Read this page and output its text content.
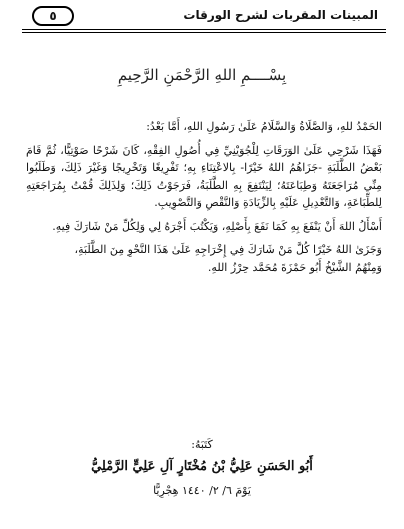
٥	المبينات المقربات لشرح الورقات
بِسْــــمِ اللهِ الرَّحْمَنِ الرَّحِيمِ

الحَمْدُ للهِ، وَالصَّلَاةُ وَالسَّلَامُ عَلَىٰ رَسُولِ اللهِ، أَمَّا بَعْدُ:

فَهَذَا شَرْحِي عَلَىٰ الوَرَقَاتِ لِلْجُوَيْنِيِّ فِي أُصُولِ الفِقْهِ، كَانَ شَرْحًا صَوْتِيًّا، ثُمَّ قَامَ بَعْضُ الطَّلَبَةِ -جَزَاهُمُ اللهُ خَيْرًا- بِالاعْتِنَاءِ بِهِ؛ تَفْرِيغًا وَتَخْرِيجًا وَغَيْرَ ذَلِكَ، وَطَلَبُوا مِنِّي مُرَاجَعَتَهُ وَطِبَاعَتَهُ؛ لِيَنْتَفِعَ بِهِ الطَّلَبَةُ، فَرَجَوْتُ ذَلِكَ؛ وَلِذَلِكَ قُمْتُ بِمُرَاجَعَتِهِ لِلطِّبَاعَةِ، وَالتَّعْدِيلِ عَلَيْهِ بِالزِّيَادَةِ وَالنَّقْصِ وَالتَّصْوِيبِ.

أَسْأَلُ اللهَ أَنْ يَنْفَعَ بِهِ كَمَا نَفَعَ بِأَصْلِهِ، وَيَكْتُبَ أَجْرَهُ لِي وَلِكُلِّ مَنْ شَارَكَ فِيهِ.

وَجَزَىٰ اللهُ خَيْرًا كُلَّ مَنْ شَارَكَ فِي إِخْرَاجِهِ عَلَىٰ هَذَا النَّحْوِ مِنَ الطَّلَبَةِ،

وَمِنْهُمُ الشَّيْخُ أَبُو حَمْزَةَ مُحَمَّد حِرْزُ اللهِ.

كَتَبَهُ:
أَبُو الحَسَنِ عَلِيُّ بْنُ مُخْتَارٍ آلِ عَلِيٍّ الرَّمْلِيُّ
يَوْمَ ٦/ ٢/ ١٤٤٠ هِجْرِيًّا
